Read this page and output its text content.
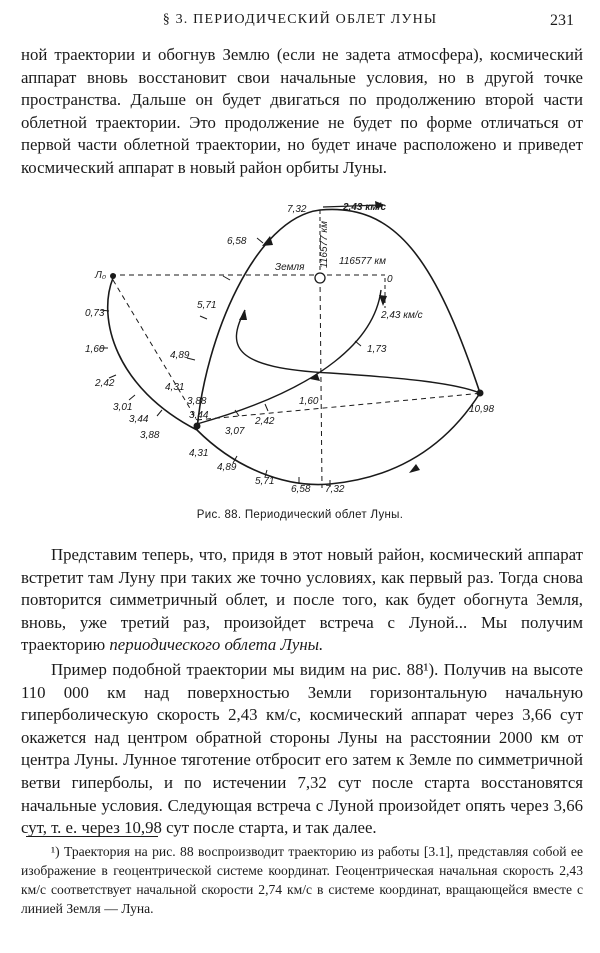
§ 3. ПЕРИОДИЧЕСКИЙ ОБЛЕТ ЛУНЫ	231

ной траектории и обогнув Землю (если не задета атмосфера), космический аппарат вновь восстановит свои начальные условия, но в другой точке пространства. Дальше он будет двигаться по продолжению второй части облетной траектории. Это продолжение не будет по форме отличаться от первой части облетной траектории, но будет иначе расположено и приведет космический аппарат в новый район орбиты Луны.

Л₀
Земля
0
2,43 км/с
2,43 км/с
116577 км 116577 км
0,73
1,60
2,42
3,01
3,44
3,88
4,31
4,89
5,71
6,58
7,32
3,88
3,44
3,07
2,42
1,60
1,73
4,31
4,89
5,71
6,58 7,32
10,98
Рис. 88. Периодический облет Луны.

Представим теперь, что, придя в этот новый район, космический аппарат встретит там Луну при таких же точно условиях, как первый раз. Тогда снова повторится симметричный облет, и после того, как будет обогнута Земля, вновь, уже третий раз, произойдет встреча с Луной... Мы получим траекторию периодического облета Луны.

Пример подобной траектории мы видим на рис. 88¹). Получив на высоте 110 000 км над поверхностью Земли горизонтальную начальную гиперболическую скорость 2,43 км/с, космический аппарат через 3,66 сут окажется над центром обратной стороны Луны на расстоянии 2000 км от центра Луны. Лунное тяготение отбросит его затем к Земле по симметричной ветви гиперболы, и по истечении 7,32 сут после старта восстановятся начальные условия. Следующая встреча с Луной произойдет опять через 3,66 сут, т. е. через 10,98 сут после старта, и так далее.

¹) Траектория на рис. 88 воспроизводит траекторию из работы [3.1], представляя собой ее изображение в геоцентрической системе координат. Геоцентрическая начальная скорость 2,43 км/с соответствует начальной скорости 2,74 км/с в системе координат, вращающейся вместе с линией Земля — Луна.
